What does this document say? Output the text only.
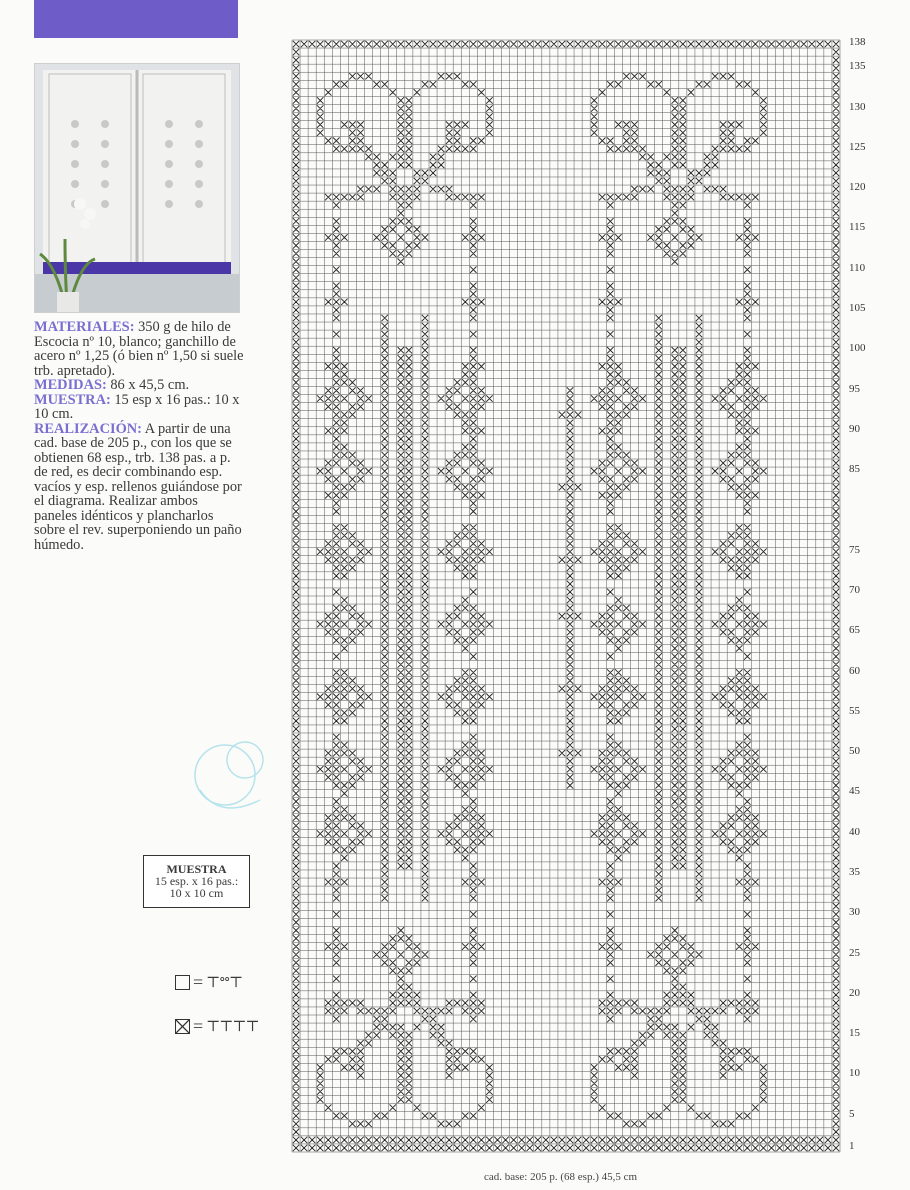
MATERIALES: 350 g de hilo de Escocia nº 10, blanco; ganchillo de acero nº 1,25 (ó bien nº 1,50 si suele trb. apretado).

MEDIDAS: 86 x 45,5 cm.

MUESTRA: 15 esp x 16 pas.: 10 x 10 cm.

REALIZACIÓN: A partir de una cad. base de 205 p., con los que se obtienen 68 esp., trb. 138 pas. a p. de red, es decir combinando esp. vacíos y esp. rellenos guiándose por el diagrama. Realizar ambos paneles idénticos y plancharlos sobre el rev. superponiendo un paño húmedo.

MUESTRA
15 esp. x 16 pas.:
10 x 10 cm
= ⊤ᐤᐤ⊤
= ⊤⊤⊤⊤
138
135
130
125
120
115
110
105
100
95
90
85
75
70
65
60
55
50
45
40
35
30
25
20
15
10
5
1
cad. base: 205 p. (68 esp.) 45,5 cm
